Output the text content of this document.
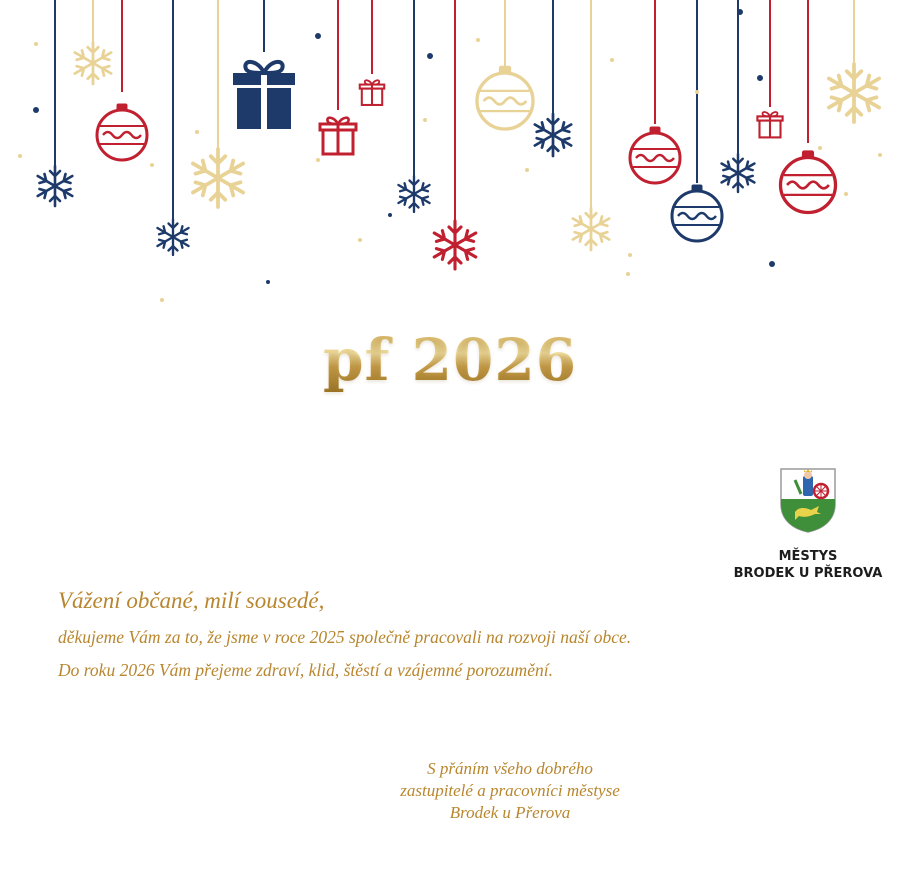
pf 2026
MĚSTYS
BRODEK U PŘEROVA
Vážení občané, milí sousedé,
děkujeme Vám za to, že jsme v roce 2025 společně pracovali na rozvoji naší obce.
Do roku 2026 Vám přejeme zdraví, klid, štěstí a vzájemné porozumění.
S přáním všeho dobrého
zastupitelé a pracovníci městyse
Brodek u Přerova
